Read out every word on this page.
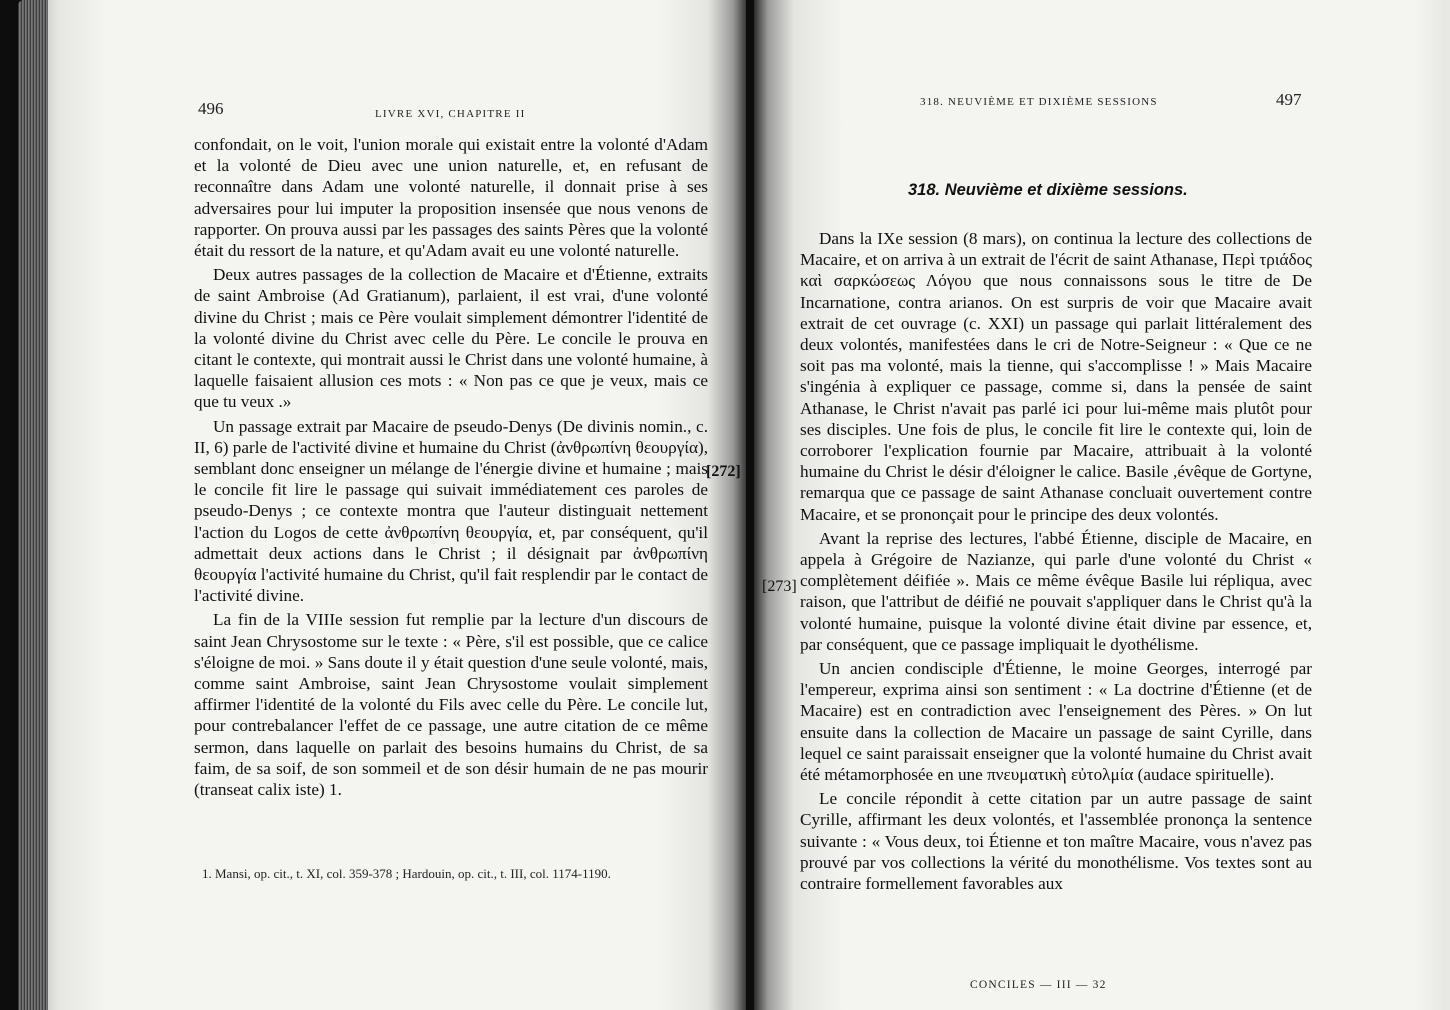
496	LIVRE XVI, CHAPITRE II

confondait, on le voit, l'union morale qui existait entre la volonté d'Adam et la volonté de Dieu avec une union naturelle, et, en refusant de reconnaître dans Adam une volonté naturelle, il donnait prise à ses adversaires pour lui imputer la proposition insensée que nous venons de rapporter. On prouva aussi par les passages des saints Pères que la volonté était du ressort de la nature, et qu'Adam avait eu une volonté naturelle.

Deux autres passages de la collection de Macaire et d'Étienne, extraits de saint Ambroise (Ad Gratianum), parlaient, il est vrai, d'une volonté divine du Christ ; mais ce Père voulait simplement démontrer l'identité de la volonté divine du Christ avec celle du Père. Le concile le prouva en citant le contexte, qui montrait aussi le Christ dans une volonté humaine, à laquelle faisaient allusion ces mots : « Non pas ce que je veux, mais ce que tu veux .»

Un passage extrait par Macaire de pseudo-Denys (De divinis nomin., c. II, 6) parle de l'activité divine et humaine du Christ (ἀνθρωπίνη θεουργία), semblant donc enseigner un mélange de l'énergie divine et humaine ; mais le concile fit lire le passage qui suivait immédiatement ces paroles de pseudo-Denys ; ce contexte montra que l'auteur distinguait nettement l'action du Logos de cette ἀνθρωπίνη θεουργία, et, par conséquent, qu'il admettait deux actions dans le Christ ; il désignait par ἀνθρωπίνη θεουργία l'activité humaine du Christ, qu'il fait resplendir par le contact de l'activité divine.

La fin de la VIIIe session fut remplie par la lecture d'un discours de saint Jean Chrysostome sur le texte : « Père, s'il est possible, que ce calice s'éloigne de moi. » Sans doute il y était question d'une seule volonté, mais, comme saint Ambroise, saint Jean Chrysostome voulait simplement affirmer l'identité de la volonté du Fils avec celle du Père. Le concile lut, pour contrebalancer l'effet de ce passage, une autre citation de ce même sermon, dans laquelle on parlait des besoins humains du Christ, de sa faim, de sa soif, de son sommeil et de son désir humain de ne pas mourir (transeat calix iste) 1.

1. Mansi, op. cit., t. XI, col. 359-378 ; Hardouin, op. cit., t. III, col. 1174-1190.
[272]
318. NEUVIÈME ET DIXIÈME SESSIONS	497
318. Neuvième et dixième sessions.

Dans la IXe session (8 mars), on continua la lecture des collections de Macaire, et on arriva à un extrait de l'écrit de saint Athanase, Περὶ τριάδος καὶ σαρκώσεως Λόγου que nous connaissons sous le titre de De Incarnatione, contra arianos. On est surpris de voir que Macaire avait extrait de cet ouvrage (c. XXI) un passage qui parlait littéralement des deux volontés, manifestées dans le cri de Notre-Seigneur : « Que ce ne soit pas ma volonté, mais la tienne, qui s'accomplisse ! » Mais Macaire s'ingénia à expliquer ce passage, comme si, dans la pensée de saint Athanase, le Christ n'avait pas parlé ici pour lui-même mais plutôt pour ses disciples. Une fois de plus, le concile fit lire le contexte qui, loin de corroborer l'explication fournie par Macaire, attribuait à la volonté humaine du Christ le désir d'éloigner le calice. Basile ,évêque de Gortyne, remarqua que ce passage de saint Athanase concluait ouvertement contre Macaire, et se prononçait pour le principe des deux volontés.

Avant la reprise des lectures, l'abbé Étienne, disciple de Macaire, en appela à Grégoire de Nazianze, qui parle d'une volonté du Christ « complètement déifiée ». Mais ce même évêque Basile lui répliqua, avec raison, que l'attribut de déifié ne pouvait s'appliquer dans le Christ qu'à la volonté humaine, puisque la volonté divine était divine par essence, et, par conséquent, que ce passage impliquait le dyothélisme.

Un ancien condisciple d'Étienne, le moine Georges, interrogé par l'empereur, exprima ainsi son sentiment : « La doctrine d'Étienne (et de Macaire) est en contradiction avec l'enseignement des Pères. » On lut ensuite dans la collection de Macaire un passage de saint Cyrille, dans lequel ce saint paraissait enseigner que la volonté humaine du Christ avait été métamorphosée en une πνευματικὴ εὐτολμία (audace spirituelle).

Le concile répondit à cette citation par un autre passage de saint Cyrille, affirmant les deux volontés, et l'assemblée prononça la sentence suivante : « Vous deux, toi Étienne et ton maître Macaire, vous n'avez pas prouvé par vos collections la vérité du monothélisme. Vos textes sont au contraire formellement favorables aux

CONCILES — III — 32
[273]
